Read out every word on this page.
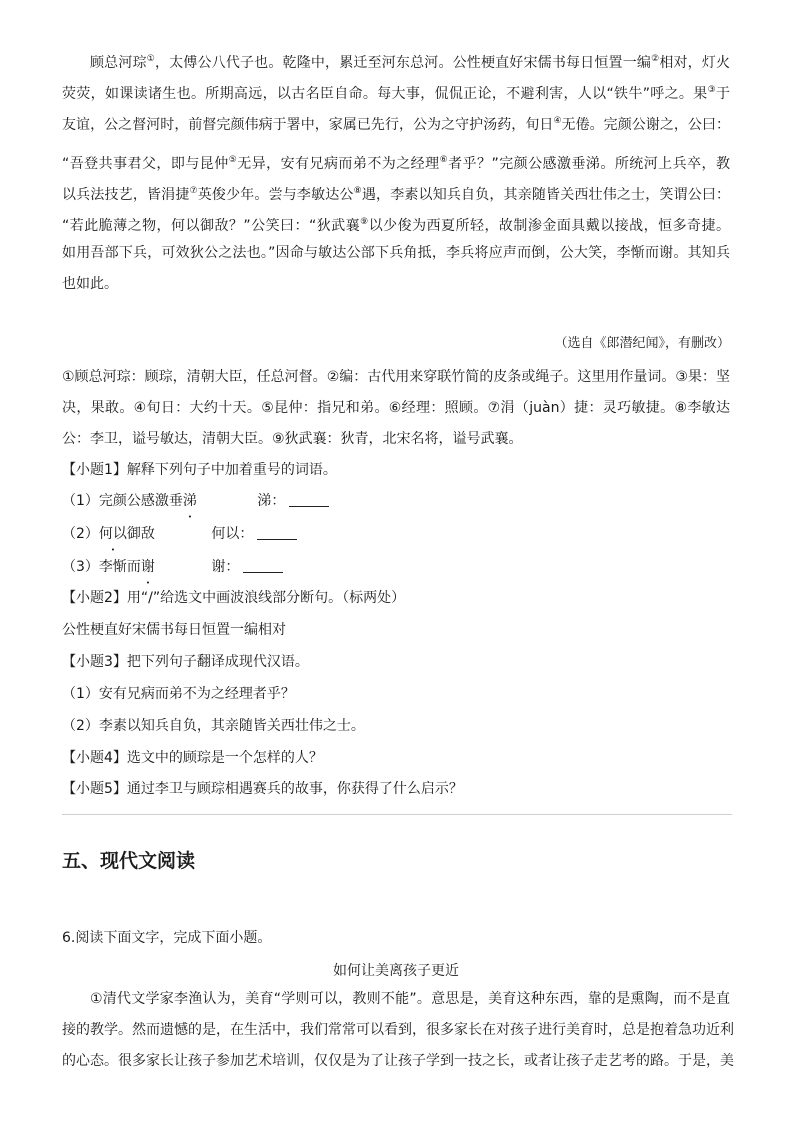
顾总河琮①，太傅公八代子也。乾隆中，累迁至河东总河。公性梗直好宋儒书每日恒置一编②相对，灯火
荧荧，如课读诸生也。所期高远，以古名臣自命。每大事，侃侃正论，不避利害，人以“铁牛”呼之。果③于
友谊，公之督河时，前督完颜伟病于署中，家属已先行，公为之守护汤药，旬日④无倦。完颜公谢之，公曰：
“吾登共事君父，即与昆仲⑤无异，安有兄病而弟不为之经理⑥者乎？”完颜公感激垂涕。所统河上兵卒，教
以兵法技艺，皆涓捷⑦英俊少年。尝与李敏达公⑧遇，李素以知兵自负，其亲随皆关西壮伟之士，笑谓公曰：
“若此脆薄之物，何以御敌？”公笑曰：“狄武襄⑨以少俊为西夏所轻，故制渗金面具戴以接战，恒多奇捷。
如用吾部下兵，可效狄公之法也。”因命与敏达公部下兵角抵，李兵将应声而倒，公大笑，李惭而谢。其知兵
也如此。
（选自《郎潜纪闻》，有删改）
①顾总河琮：顾琮，清朝大臣，任总河督。②编：古代用来穿联竹简的皮条或绳子。这里用作量词。③果：坚
决，果敢。④旬日：大约十天。⑤昆仲：指兄和弟。⑥经理：照顾。⑦涓（juàn）捷：灵巧敏捷。⑧李敏达
公：李卫，谥号敏达，清朝大臣。⑨狄武襄：狄青，北宋名将，谥号武襄。
【小题1】解释下列句子中加着重号的词语。
（1）完颜公感激垂涕	涕：
（2）何以御敌	何以：
（3）李惭而谢	谢：
【小题2】用“/”给选文中画波浪线部分断句。（标两处）
公性梗直好宋儒书每日恒置一编相对
【小题3】把下列句子翻译成现代汉语。
（1）安有兄病而弟不为之经理者乎？
（2）李素以知兵自负，其亲随皆关西壮伟之士。
【小题4】选文中的顾琮是一个怎样的人？
【小题5】通过李卫与顾琮相遇赛兵的故事，你获得了什么启示？
五、现代文阅读
6.阅读下面文字，完成下面小题。
如何让美离孩子更近
①清代文学家李渔认为，美育“学则可以，教则不能”。意思是，美育这种东西，靠的是熏陶，而不是直
接的教学。然而遗憾的是，在生活中，我们常常可以看到，很多家长在对孩子进行美育时，总是抱着急功近利
的心态。很多家长让孩子参加艺术培训，仅仅是为了让孩子学到一技之长，或者让孩子走艺考的路。于是，美
